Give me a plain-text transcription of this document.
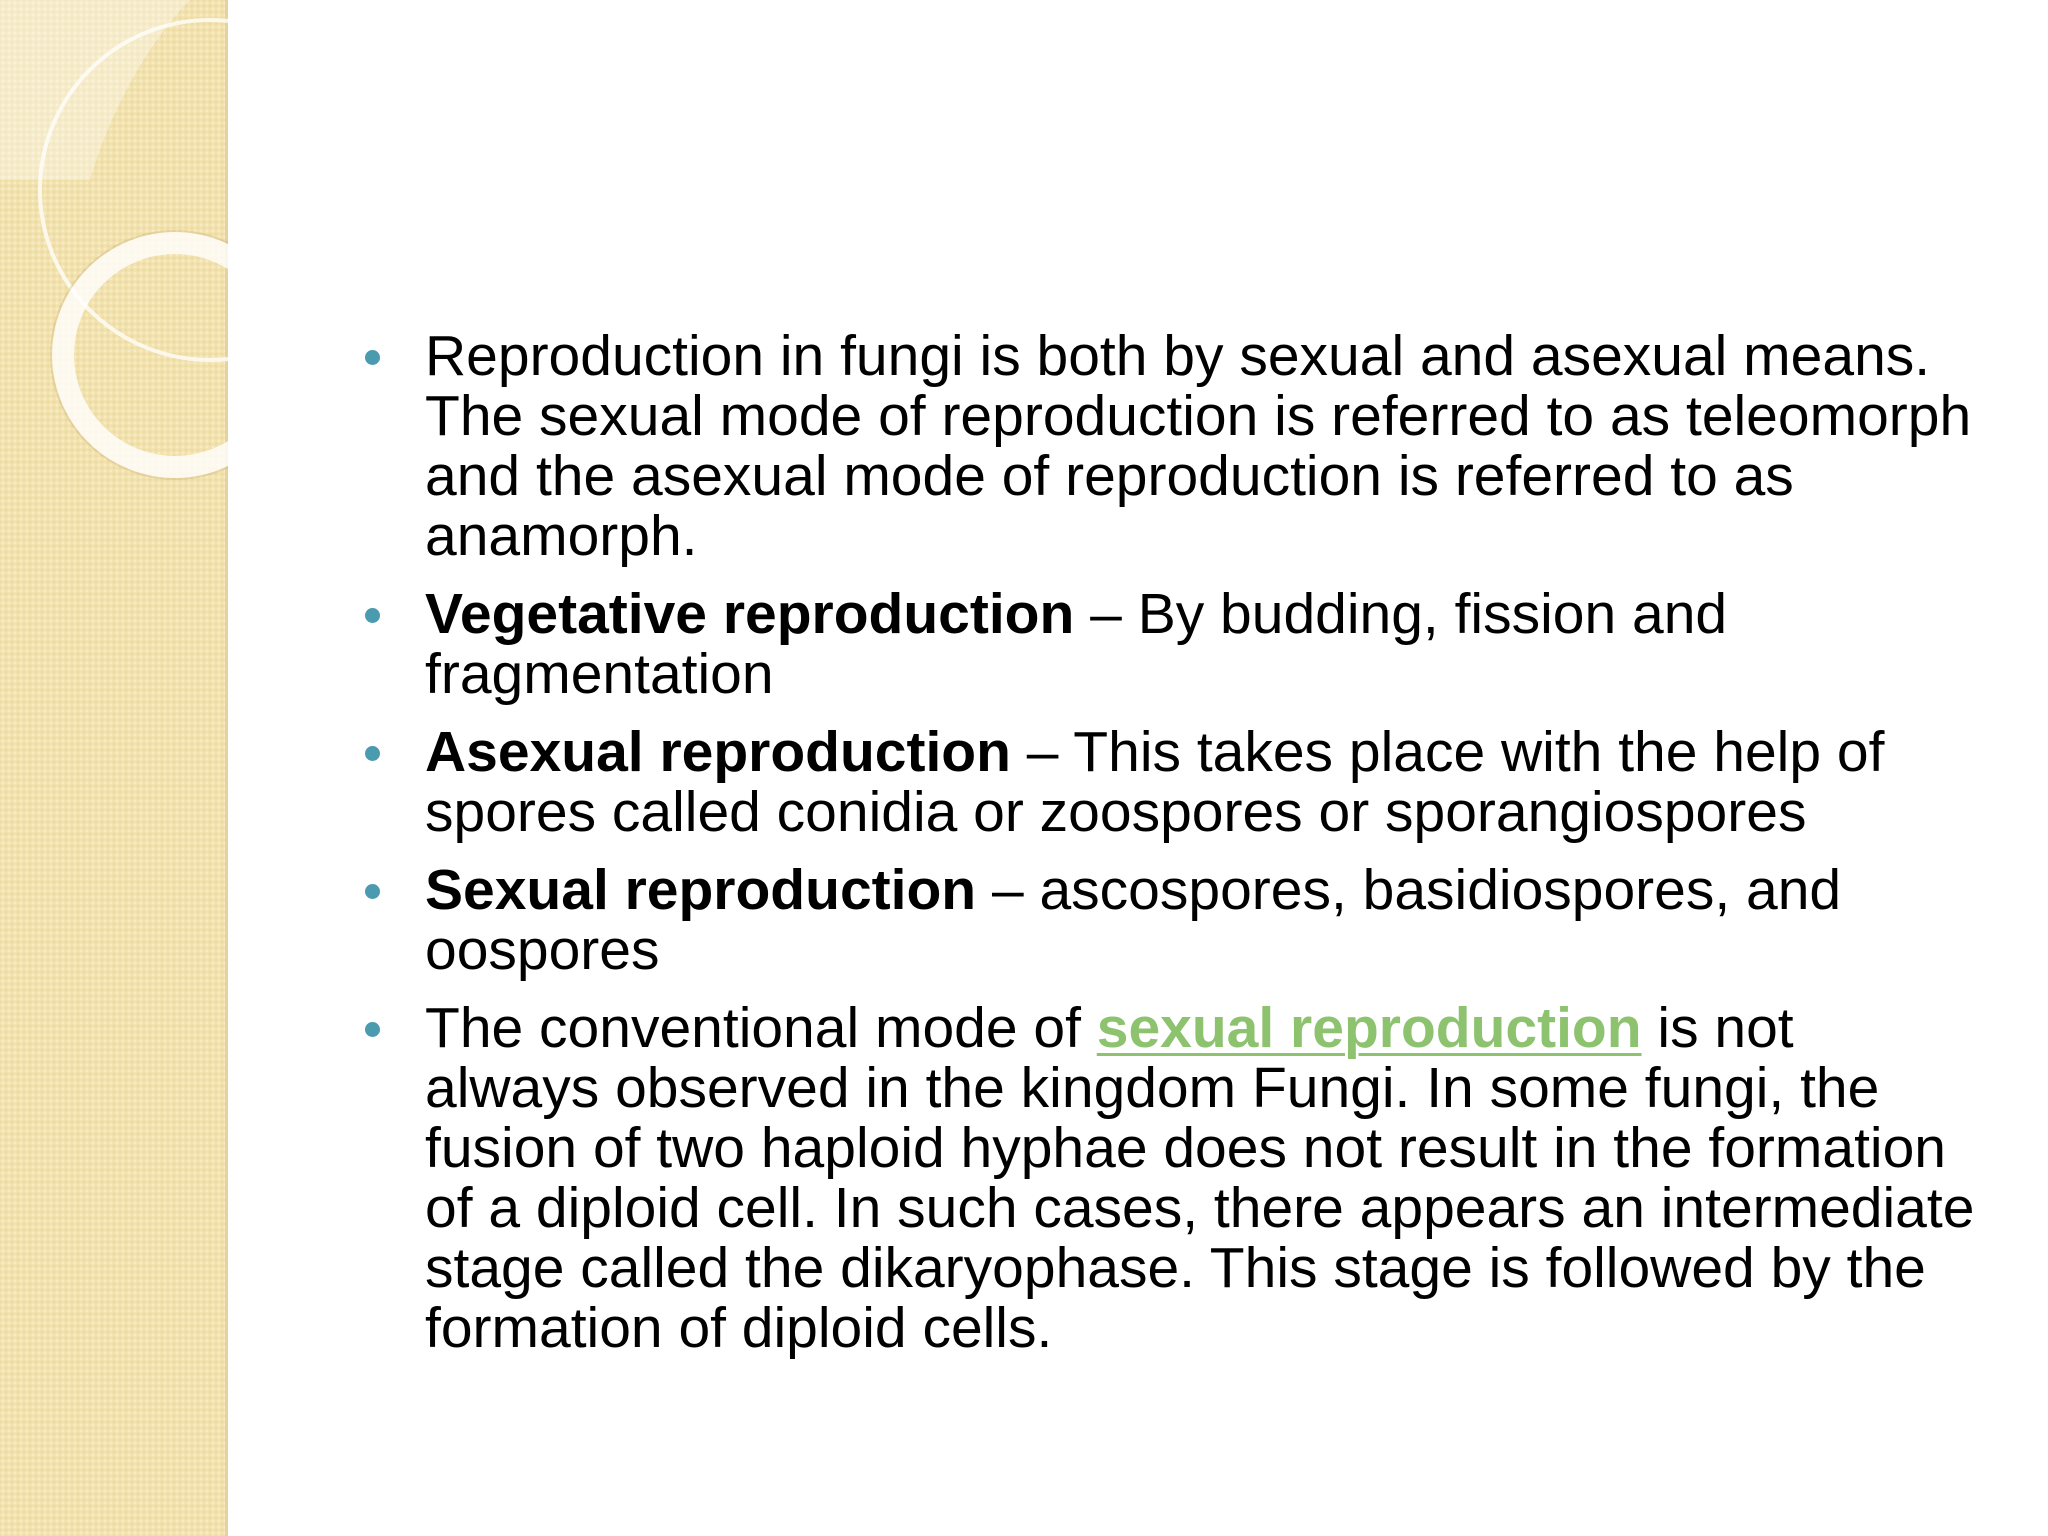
Reproduction in fungi is both by sexual and asexual means. The sexual mode of reproduction is referred to as teleomorph and the asexual mode of reproduction is referred to as anamorph.
Vegetative reproduction – By budding, fission and fragmentation
Asexual reproduction – This takes place with the help of spores called conidia or zoospores or sporangiospores
Sexual reproduction – ascospores, basidiospores, and oospores
The conventional mode of sexual reproduction is not always observed in the kingdom Fungi. In some fungi, the fusion of two haploid hyphae does not result in the formation of a diploid cell. In such cases, there appears an intermediate stage called the dikaryophase. This stage is followed by the formation of diploid cells.
